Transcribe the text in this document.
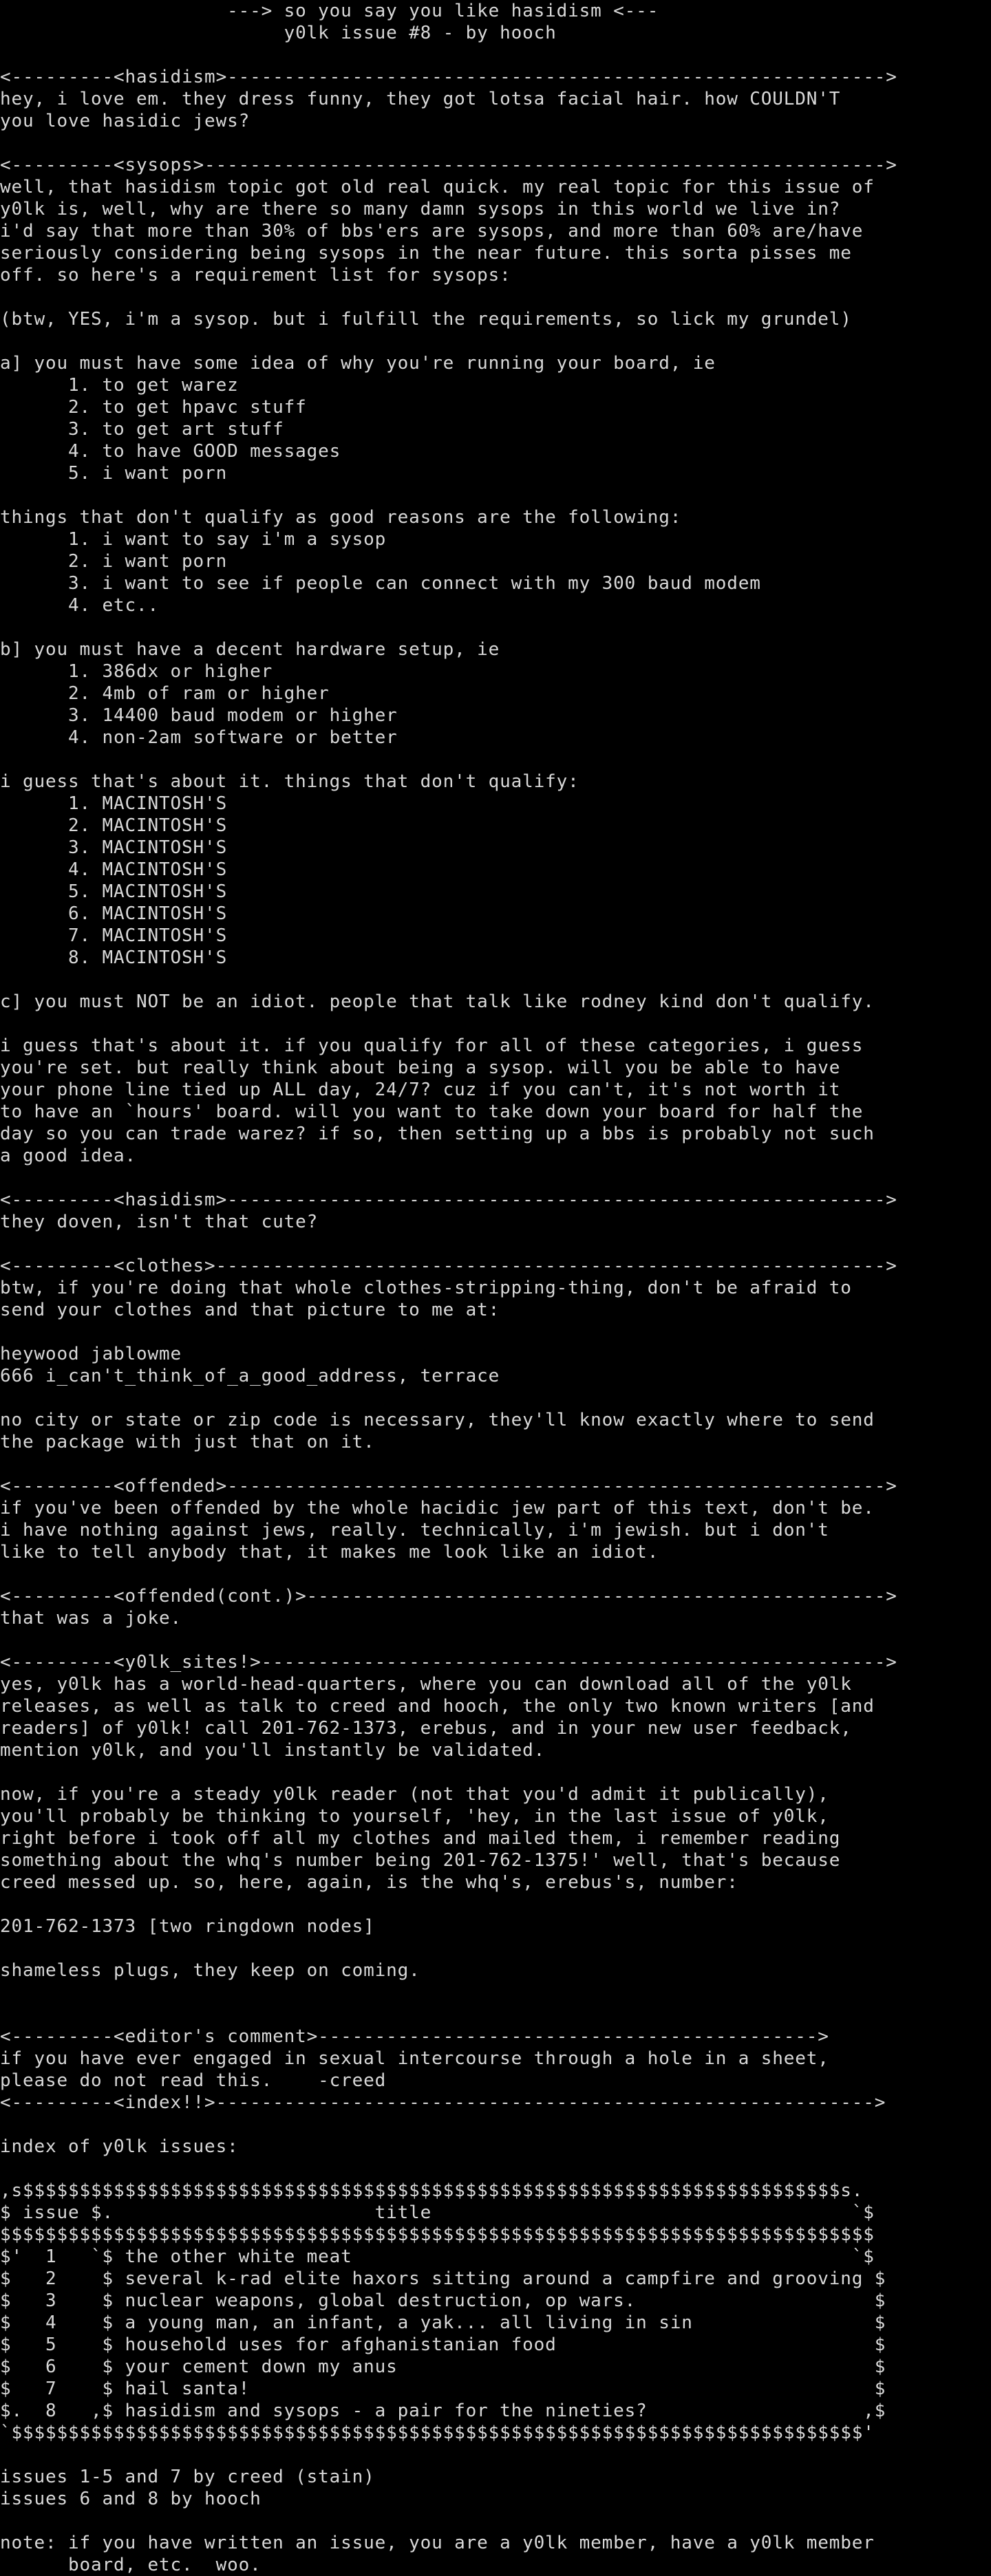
---> so you say you like hasidism <---
y0lk issue #8 - by hooch
<---------<hasidism>---------------------------------------------------------->
hey, i love em. they dress funny, they got lotsa facial hair. how COULDN'T
you love hasidic jews?
<---------<sysops>------------------------------------------------------------>
well, that hasidism topic got old real quick. my real topic for this issue of
y0lk is, well, why are there so many damn sysops in this world we live in?
i'd say that more than 30% of bbs'ers are sysops, and more than 60% are/have
seriously considering being sysops in the near future. this sorta pisses me
off. so here's a requirement list for sysops:
(btw, YES, i'm a sysop. but i fulfill the requirements, so lick my grundel)
a] you must have some idea of why you're running your board, ie
1. to get warez
2. to get hpavc stuff
3. to get art stuff
4. to have GOOD messages
5. i want porn
things that don't qualify as good reasons are the following:
1. i want to say i'm a sysop
2. i want porn
3. i want to see if people can connect with my 300 baud modem
4. etc..
b] you must have a decent hardware setup, ie
1. 386dx or higher
2. 4mb of ram or higher
3. 14400 baud modem or higher
4. non-2am software or better
i guess that's about it. things that don't qualify:
1. MACINTOSH'S
2. MACINTOSH'S
3. MACINTOSH'S
4. MACINTOSH'S
5. MACINTOSH'S
6. MACINTOSH'S
7. MACINTOSH'S
8. MACINTOSH'S
c] you must NOT be an idiot. people that talk like rodney kind don't qualify.
i guess that's about it. if you qualify for all of these categories, i guess
you're set. but really think about being a sysop. will you be able to have
your phone line tied up ALL day, 24/7? cuz if you can't, it's not worth it
to have an `hours' board. will you want to take down your board for half the
day so you can trade warez? if so, then setting up a bbs is probably not such
a good idea.
<---------<hasidism>---------------------------------------------------------->
they doven, isn't that cute?
<---------<clothes>----------------------------------------------------------->
btw, if you're doing that whole clothes-stripping-thing, don't be afraid to
send your clothes and that picture to me at:
heywood jablowme
666 i_can't_think_of_a_good_address, terrace
no city or state or zip code is necessary, they'll know exactly where to send
the package with just that on it.
<---------<offended>---------------------------------------------------------->
if you've been offended by the whole hacidic jew part of this text, don't be.
i have nothing against jews, really. technically, i'm jewish. but i don't
like to tell anybody that, it makes me look like an idiot.
<---------<offended(cont.)>--------------------------------------------------->
that was a joke.
<---------<y0lk_sites!>------------------------------------------------------->
yes, y0lk has a world-head-quarters, where you can download all of the y0lk
releases, as well as talk to creed and hooch, the only two known writers [and
readers] of y0lk! call 201-762-1373, erebus, and in your new user feedback,
mention y0lk, and you'll instantly be validated.
now, if you're a steady y0lk reader (not that you'd admit it publically),
you'll probably be thinking to yourself, 'hey, in the last issue of y0lk,
right before i took off all my clothes and mailed them, i remember reading
something about the whq's number being 201-762-1375!' well, that's because
creed messed up. so, here, again, is the whq's, erebus's, number:
201-762-1373 [two ringdown nodes]
shameless plugs, they keep on coming.
<---------<editor's comment>-------------------------------------------->
if you have ever engaged in sexual intercourse through a hole in a sheet,
please do not read this.    -creed
<---------<index!!>---------------------------------------------------------->
index of y0lk issues:
,s$$$$$$$$$$$$$$$$$$$$$$$$$$$$$$$$$$$$$$$$$$$$$$$$$$$$$$$$$$$$$$$$$$$$$$$$s.
$ issue $.                       title                                     `$
$$$$$$$$$$$$$$$$$$$$$$$$$$$$$$$$$$$$$$$$$$$$$$$$$$$$$$$$$$$$$$$$$$$$$$$$$$$$$
$'  1   `$ the other white meat                                            `$
$   2    $ several k-rad elite haxors sitting around a campfire and grooving $
$   3    $ nuclear weapons, global destruction, op wars.                     $
$   4    $ a young man, an infant, a yak... all living in sin                $
$   5    $ household uses for afghanistanian food                            $
$   6    $ your cement down my anus                                          $
$   7    $ hail santa!                                                       $
$.  8   ,$ hasidism and sysops - a pair for the nineties?                   ,$
`$$$$$$$$$$$$$$$$$$$$$$$$$$$$$$$$$$$$$$$$$$$$$$$$$$$$$$$$$$$$$$$$$$$$$$$$$$$'
issues 1-5 and 7 by creed (stain)
issues 6 and 8 by hooch
note: if you have written an issue, you are a y0lk member, have a y0lk member
board, etc.  woo.
